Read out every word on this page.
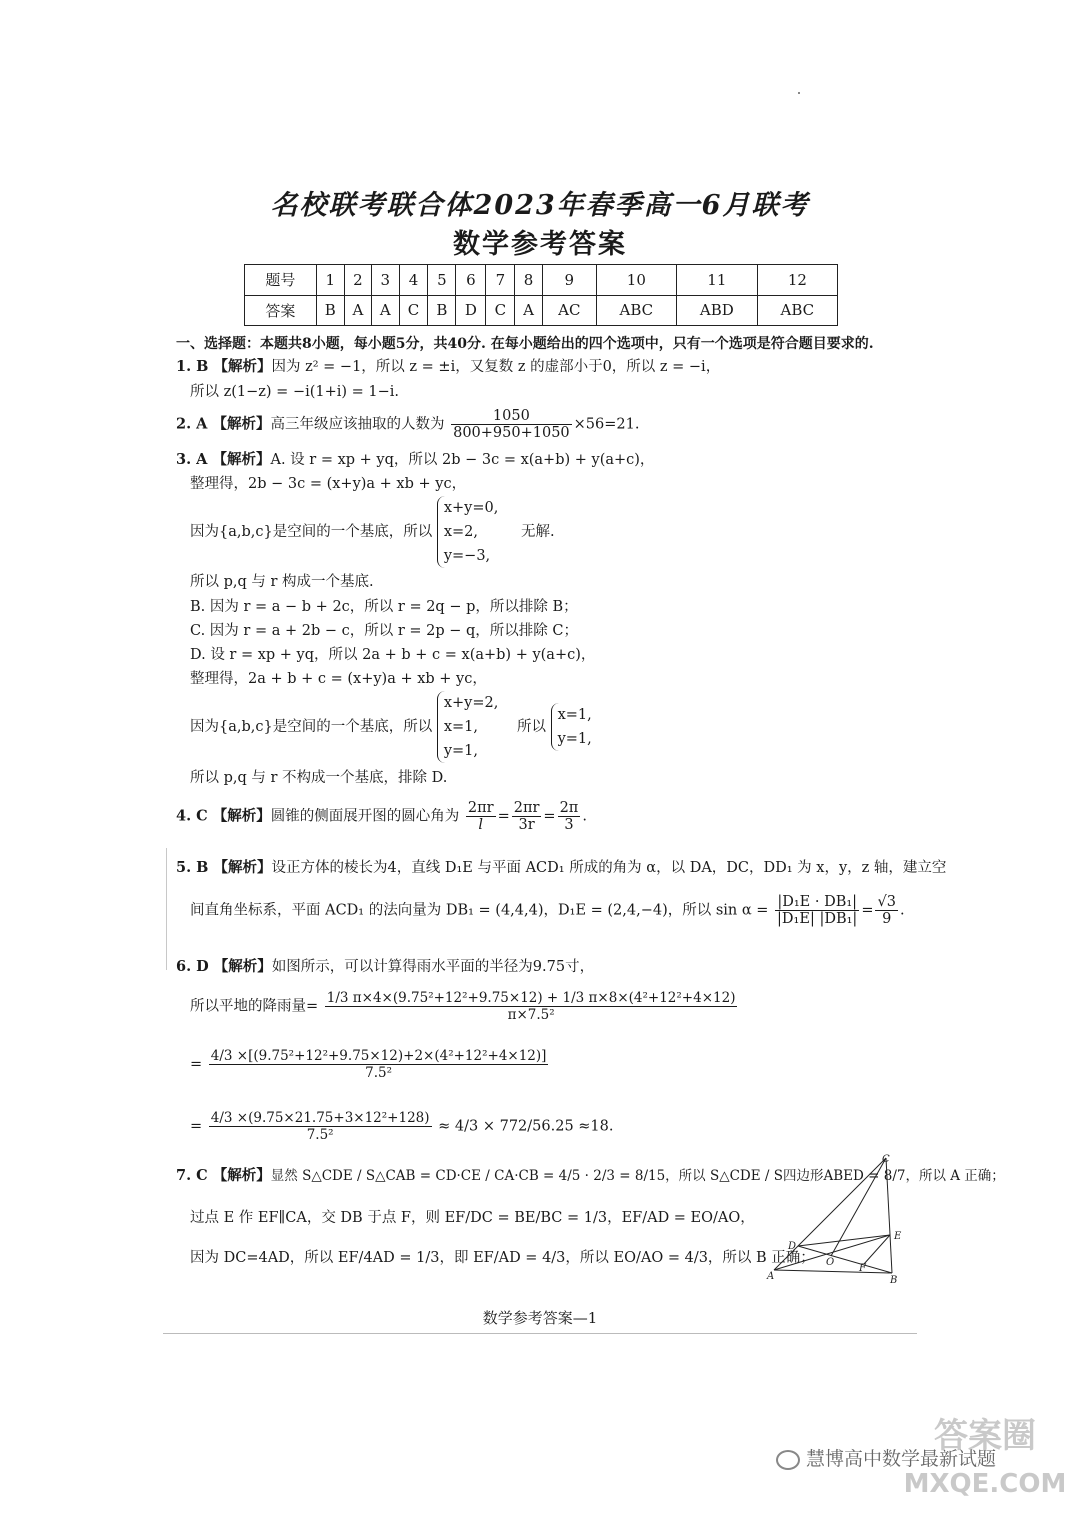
名校联考联合体2023年春季高一6月联考
数学参考答案
题号	1	2	3	4	5	6	7	8	9	10	11	12
答案	B	A	A	C	B	D	C	A	AC	ABC	ABD	ABC
一、选择题：本题共8小题，每小题5分，共40分. 在每小题给出的四个选项中，只有一个选项是符合题目要求的.
1. B 【解析】因为 z² = −1，所以 z = ±i，又复数 z 的虚部小于0，所以 z = −i，
所以 z(1−z) = −i(1+i) = 1−i.
2. A 【解析】高三年级应该抽取的人数为 $\frac{1050}{800+950+1050} \times 56=21$.
3. A 【解析】A. 设 r = xp + yq，所以 2b − 3c = x(a+b) + y(a+c)，
整理得，2b − 3c = (x+y)a + xb + yc，
因为{a,b,c}是空间的一个基底，所以
x+y=0,
x=2,
y=−3,
无解.
所以 p,q 与 r 构成一个基底.
B. 因为 r = a − b + 2c，所以 r = 2q − p，所以排除 B；
C. 因为 r = a + 2b − c，所以 r = 2p − q，所以排除 C；
D. 设 r = xp + yq，所以 2a + b + c = x(a+b) + y(a+c)，
整理得，2a + b + c = (x+y)a + xb + yc，
因为{a,b,c}是空间的一个基底，所以
x+y=2,
x=1,
y=1,
所以
x=1,
y=1,
所以 p,q 与 r 不构成一个基底，排除 D.
4. C 【解析】圆锥的侧面展开图的圆心角为 $\frac{2\pi r}{l} = \frac{2\pi r}{3r} = \frac{2\pi}{3}$ .
5. B 【解析】设正方体的棱长为4，直线 D₁E 与平面 ACD₁ 所成的角为 α，以 DA，DC，DD₁ 为 x，y，z 轴，建立空
间直角坐标系，平面 ACD₁ 的法向量为 DB₁ = (4,4,4)，D₁E = (2,4,−4)，所以 $\sin \alpha = \frac{\text{|D₁E · DB₁|}}{\text{|D₁E| |DB₁|}} = \frac{√3}{9}$ .
6. D 【解析】如图所示，可以计算得雨水平面的半径为9.75寸，
所以平地的降雨量= $\frac{\text{1/3 π×4×(9.75²+12²+9.75×12) + 1/3 π×8×(4²+12²+4×12)}}{\text{π×7.5²}}$
= $\frac{\text{4/3 ×[(9.75²+12²+9.75×12)+2×(4²+12²+4×12)]}}{\text{7.5²}}$
= $\frac{\text{4/3 ×(9.75×21.75+3×12²+128)}}{\text{7.5²}} \approx 4/3 \times 772/56.25 \approx 18$.
7. C 【解析】显然 S△CDE / S△CAB = CD·CE / CA·CB = 4/5 · 2/3 = 8/15，所以 S△CDE / S四边形ABED = 8/7，所以 A 正确；
过点 E 作 EF∥CA，交 DB 于点 F，则 EF/DC = BE/BC = 1/3，EF/AD = EO/AO，
因为 DC=4AD，所以 EF/4AD = 1/3，即 EF/AD = 4/3，所以 EO/AO = 4/3，所以 B 正确；
C
D
E
O
F
A	B
数学参考答案—1
慧博高中数学最新试题
答案圈
MXQE.COM
